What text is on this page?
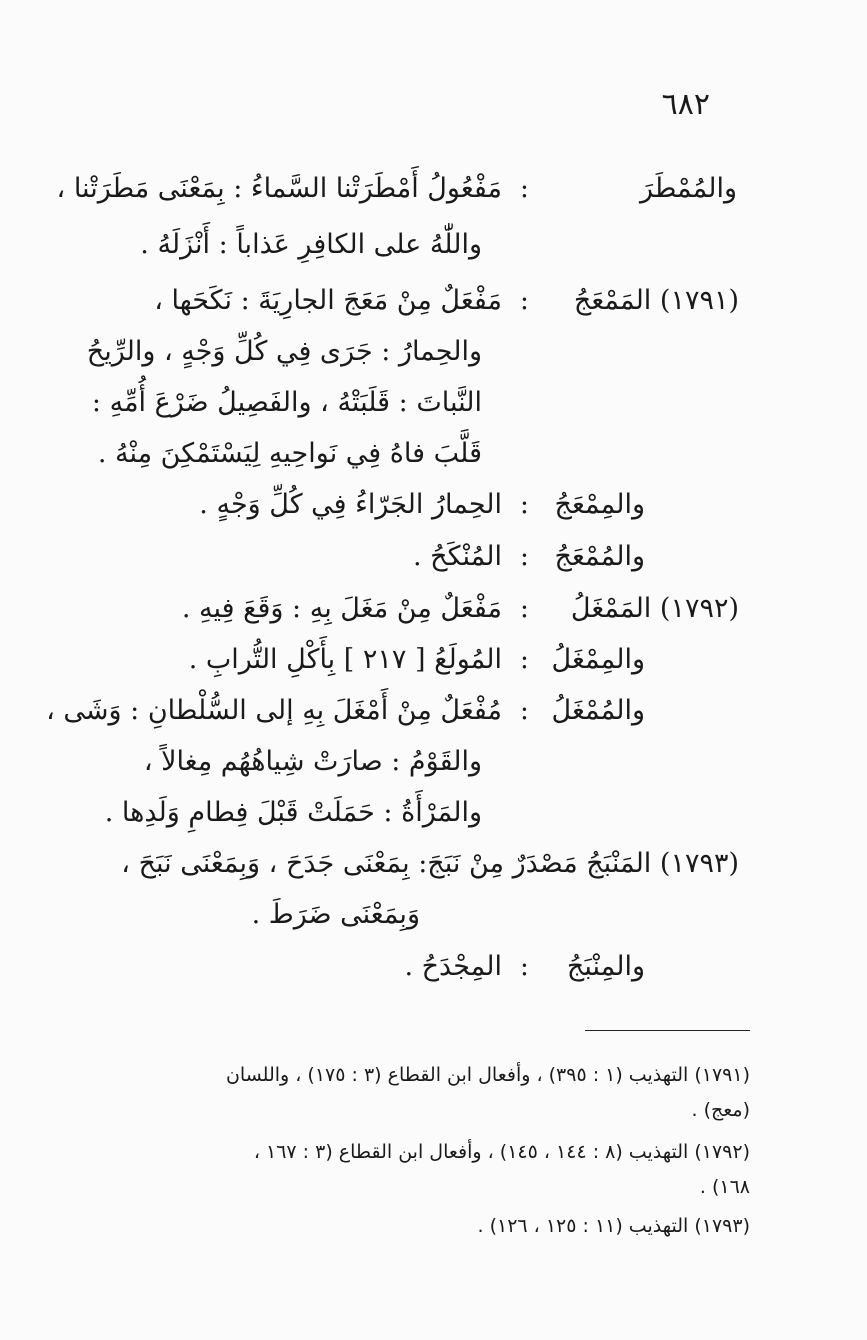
٦٨٢
والمُمْطَرَ
:
مَفْعُولُ أَمْطَرَتْنا السَّماءُ : بِمَعْنَى مَطَرَتْنا ،
واللّٰهُ على الكافِرِ عَذاباً : أَنْزَلَهُ .
(١٧٩١) المَمْعَجُ
:
مَفْعَلٌ مِنْ مَعَجَ الجارِيَةَ : نَكَحَها ،
والحِمارُ : جَرَى فِي كُلِّ وَجْهٍ ، والرِّيحُ
النَّباتَ : قَلَبَتْهُ ، والفَصِيلُ ضَرْعَ أُمِّهِ :
قَلَّبَ فاهُ فِي نَواحِيهِ لِيَسْتَمْكِنَ مِنْهُ .
والمِمْعَجُ
:
الحِمارُ الجَرّاءُ فِي كُلِّ وَجْهٍ .
والمُمْعَجُ
:
المُنْكَحُ .
(١٧٩٢) المَمْغَلُ
:
مَفْعَلٌ مِنْ مَغَلَ بِهِ : وَقَعَ فِيهِ .
والمِمْغَلُ
:
المُولَعُ [ ٢١٧ ] بِأَكْلِ التُّرابِ .
والمُمْغَلُ
:
مُفْعَلٌ مِنْ أَمْغَلَ بِهِ إلى السُّلْطانِ : وَشَى ،
والقَوْمُ : صارَتْ شِياهُهُم مِغالاً ،
والمَرْأَةُ : حَمَلَتْ قَبْلَ فِطامِ وَلَدِها .
(١٧٩٣) المَنْبَجُ مَصْدَرٌ مِنْ نَبَجَ: بِمَعْنَى جَدَحَ ، وَبِمَعْنَى نَبَحَ ،
وَبِمَعْنَى ضَرَطَ .
والمِنْبَجُ
:
المِجْدَحُ .
(١٧٩١) التهذيب (١ : ٣٩٥) ، وأفعال ابن القطاع (٣ : ١٧٥) ، واللسان
(معج) .
(١٧٩٢) التهذيب (٨ : ١٤٤ ، ١٤٥) ، وأفعال ابن القطاع (٣ : ١٦٧ ،
١٦٨) .
(١٧٩٣) التهذيب (١١ : ١٢٥ ، ١٢٦) .
